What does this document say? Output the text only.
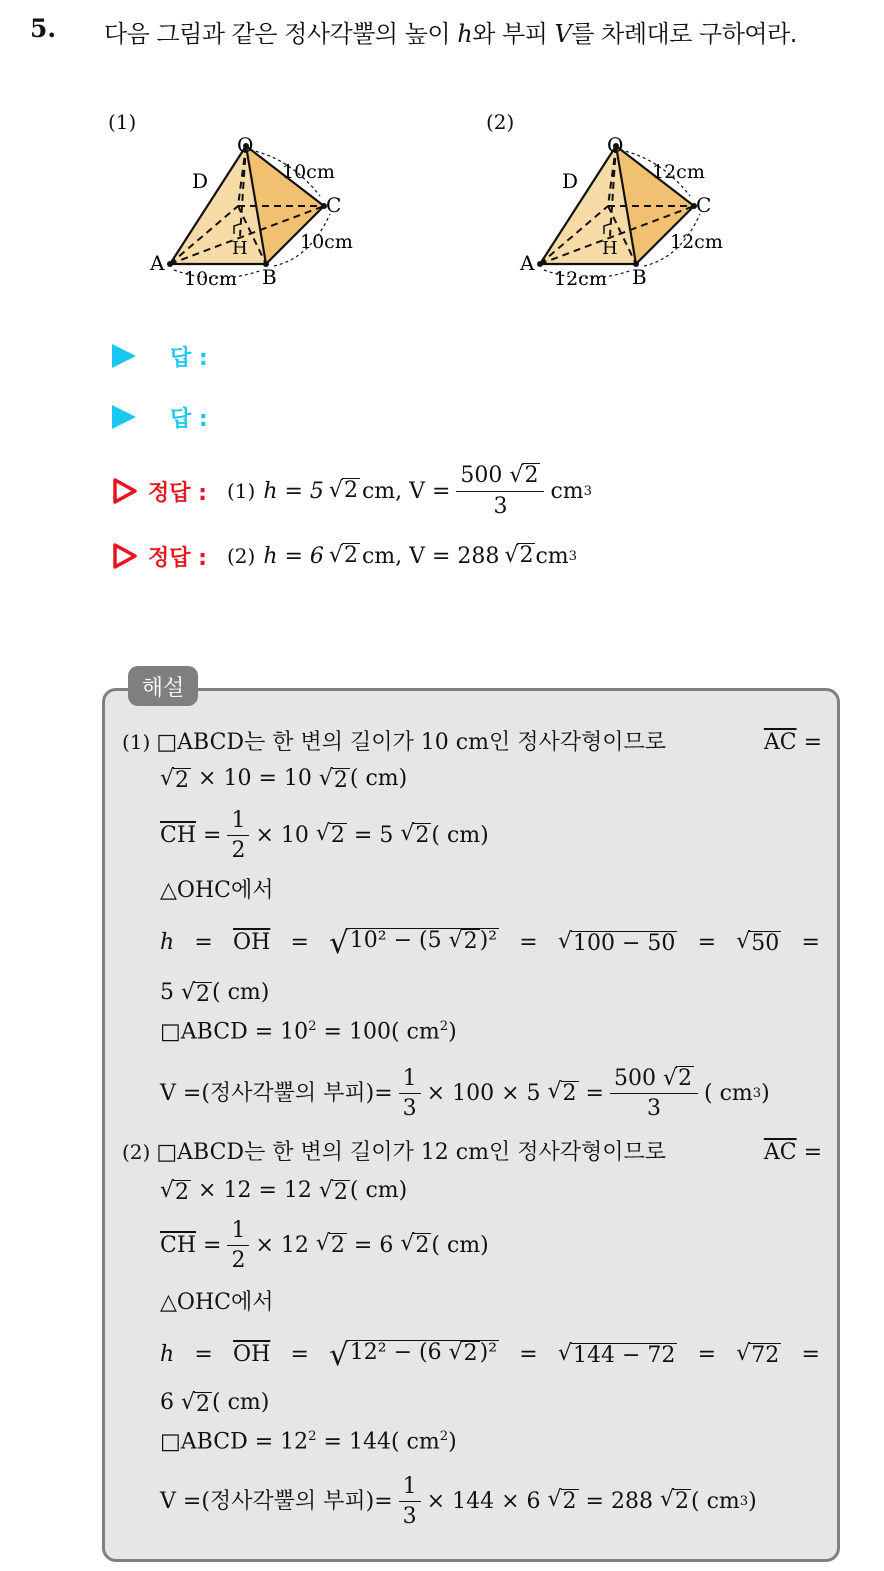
5. 다음 그림과 같은 정사각뿔의 높이 h와 부피 V를 차례대로 구하여라.
(1)
O
D
C
A
B
H
10cm
10cm
10cm
(2)
O
D
C
A
B
H
12cm
12cm
12cm
답 :
답 :
정답 : (1) h = 5 √ 2 cm, $V = \frac{500 √ 2}{3}$ cm 3
정답 : (2) h = 6 √ 2 cm, V = 288 √ 2 cm 3
해설
(1) □ABCD는 한 변의 길이가 10 cm인 정사각형이므로	$\overline{AC}$ =
√ 2 × 10 = 10 √ 2 ( cm)
$\overline{CH}$
= $\frac{1}{2} \times 10$
√ 2
= 5
√ 2 ( cm)
△OHC에서
$h = \overline{OH}$ = √ 10² − (5 √ 2 )² = √ 100 − 50 = √ 50 =
5 √ 2 ( cm)
□ABCD = $10^2 = 100$( $cm^2$)
V =(정사각뿔의 부피)= $\frac{1}{3} \times 100 \times 5$
√ 2
= $\frac{500 √ 2}{3}$ ( cm 3 )
(2) □ABCD는 한 변의 길이가 12 cm인 정사각형이므로	$\overline{AC}$ =
√ 2 × 12 = 12 √ 2 ( cm)
$\overline{CH}$
= $\frac{1}{2} \times 12$
√ 2
= 6
√ 2 ( cm)
△OHC에서
$h = \overline{OH}$ = √ 12² − (6 √ 2 )² = √ 144 − 72 = √ 72 =
6 √ 2 ( cm)
□ABCD = $12^2 = 144$( $cm^2$)
V =(정사각뿔의 부피)= $\frac{1}{3} \times 144 \times 6$
√ 2
= 288
√ 2 ( cm 3 )
